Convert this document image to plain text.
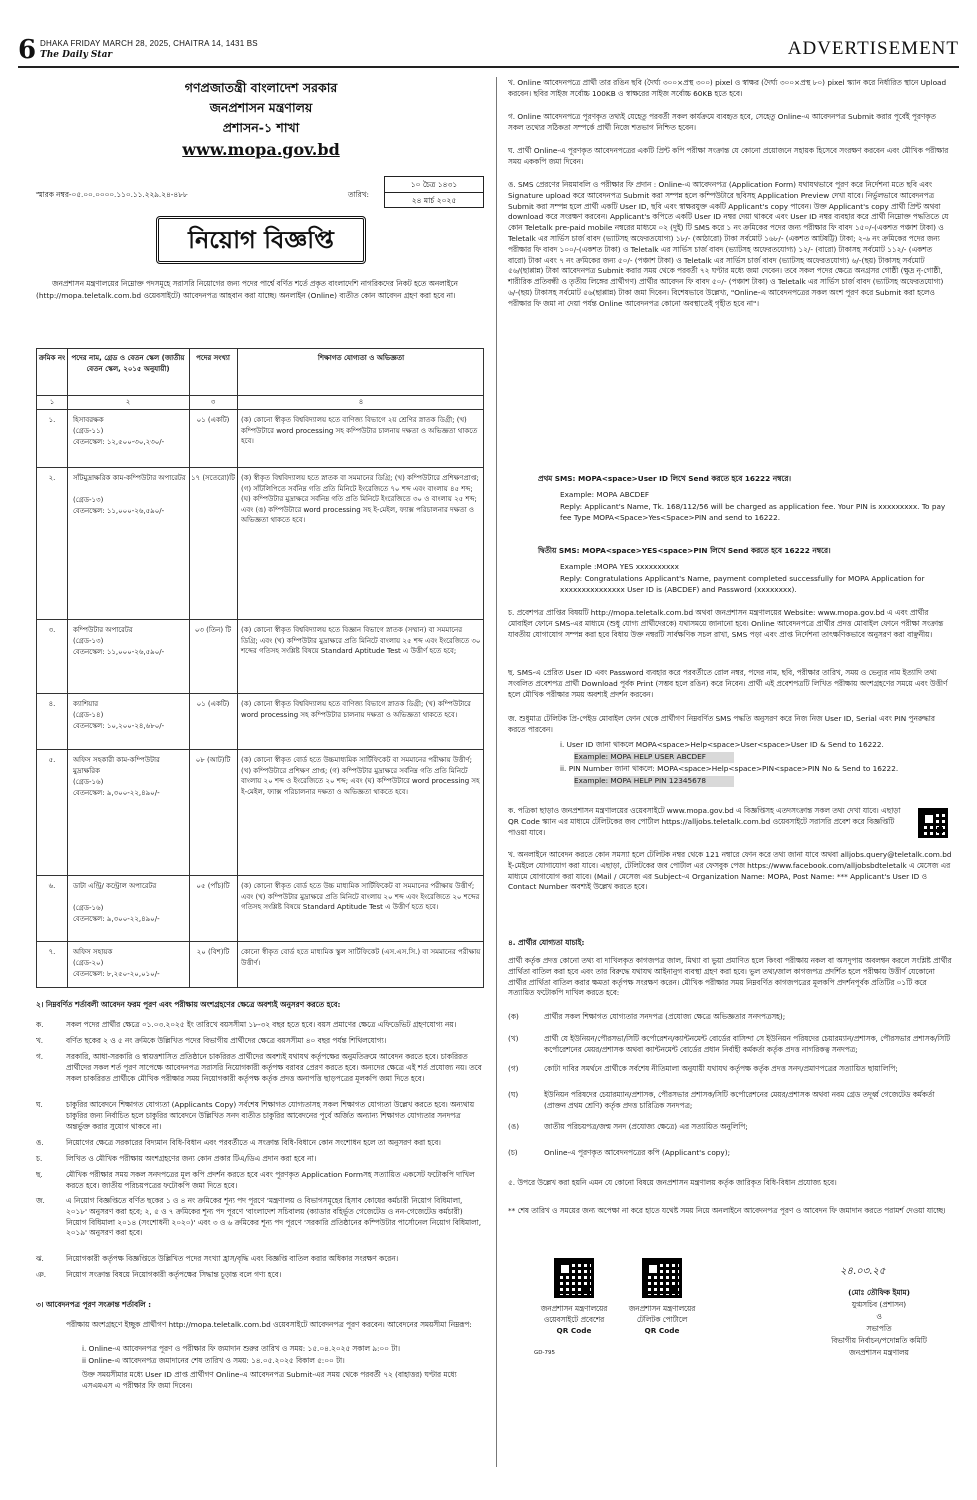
6 DHAKA FRIDAY MARCH 28, 2025, CHAITRA 14, 1431 BS
The Daily Star	ADVERTISEMENT
গণপ্রজাতন্ত্রী বাংলাদেশ সরকার
জনপ্রশাসন মন্ত্রণালয়
প্রশাসন-১ শাখা
www.mopa.gov.bd
স্মারক নম্বর-০৫.০০.০০০০.১১০.১১.২২৯.২৪-৪৮৮	তারিখ:
১০ চৈত্র ১৪৩১
২৪ মার্চ ২০২৫
নিয়োগ বিজ্ঞপ্তি
জনপ্রশাসন মন্ত্রণালয়ের নিম্নোক্ত পদসমূহে সরাসরি নিয়োগের জন্য পদের পার্শ্বে বর্ণিত শর্তে প্রকৃত বাংলাদেশি নাগরিকদের নিকট হতে অনলাইনে (http://mopa.teletalk.com.bd ওয়েবসাইটে) আবেদনপত্র আহবান করা যাচ্ছে। অনলাইন (Online) ব্যতীত কোন আবেদন গ্রহণ করা হবে না।
ক্রমিক নং পদের নাম, গ্রেড ও বেতন স্কেল (জাতীয় বেতন স্কেল, ২০১৫ অনুযায়ী)
পদের সংখ্যা	শিক্ষাগত যোগ্যতা ও অভিজ্ঞতা
১	২	৩	৪
১.	হিসাবরক্ষক
(গ্রেড-১১)
বেতনস্কেল: ১২,৫০০-৩০,২৩০/-
০১ (একটি)	(ক) কোনো স্বীকৃত বিশ্ববিদ্যালয় হতে বাণিজ্য বিভাগে ২য় শ্রেণির স্নাতক ডিগ্রী; (খ) কম্পিউটারে word processing সহ কম্পিউটার চালনায় দক্ষতা ও অভিজ্ঞতা থাকতে হবে।
২.	সাঁটমুদ্রাক্ষরিক কাম-কম্পিউটার অপারেটর
(গ্রেড-১৩)
বেতনস্কেল: ১১,০০০-২৬,৫৯০/-
১৭ (সতেরো)টি (ক) স্বীকৃত বিশ্ববিদ্যালয় হতে স্নাতক বা সমমানের ডিগ্রি; (খ) কম্পিউটারে প্রশিক্ষণপ্রাপ্ত; (গ) সাঁটলিপিতে সর্বনিম্ন গতি প্রতি মিনিটে ইংরেজিতে ৭০ শব্দ এবং বাংলায় ৪৫ শব্দ; (ঘ) কম্পিউটার মুদ্রাক্ষরে সর্বনিম্ন গতি প্রতি মিনিটে ইংরেজিতে ৩০ ও বাংলায় ২৫ শব্দ; এবং (ঙ) কম্পিউটারে word processing সহ ই-মেইল, ফ্যাক্স পরিচালনার দক্ষতা ও অভিজ্ঞতা থাকতে হবে।
৩.	কম্পিউটার অপারেটর
(গ্রেড-১৩)
বেতনস্কেল: ১১,০০০-২৬,৫৯০/-
০৩ (তিন) টি	(ক) কোনো স্বীকৃত বিশ্ববিদ্যালয় হতে বিজ্ঞান বিভাগে স্নাতক (সম্মান) বা সমমানের ডিগ্রি; এবং (খ) কম্পিউটার মুদ্রাক্ষরে প্রতি মিনিটে বাংলায় ২৫ শব্দ এবং ইংরেজিতে ৩০ শব্দের গতিসহ সংশ্লিষ্ট বিষয়ে Standard Aptitude Test এ উত্তীর্ণ হতে হবে;
৪.	ক্যাশিয়ার
(গ্রেড-১৪)
বেতনস্কেল: ১০,২০০-২৪,৬৮০/-
০১ (একটি)	(ক) কোনো স্বীকৃত বিশ্ববিদ্যালয় হতে বাণিজ্য বিভাগে স্নাতক ডিগ্রী; (খ) কম্পিউটারে word processing সহ কম্পিউটার চালনায় দক্ষতা ও অভিজ্ঞতা থাকতে হবে।
৫.	অফিস সহকারী কাম-কম্পিউটার মুদ্রাক্ষরিক
(গ্রেড-১৬)
বেতনস্কেল: ৯,৩০০-২২,৪৯০/-
০৮ (আট)টি	(ক) কোনো স্বীকৃত বোর্ড হতে উচ্চমাধ্যমিক সার্টিফিকেট বা সমমানের পরীক্ষায় উত্তীর্ণ; (খ) কম্পিউটারে প্রশিক্ষণ প্রাপ্ত; (গ) কম্পিউটার মুদ্রাক্ষরে সর্বনিম্ন গতি প্রতি মিনিটে বাংলায় ২০ শব্দ ও ইংরেজিতে ২০ শব্দ; এবং (ঘ) কম্পিউটারে word processing সহ ই-মেইল, ফ্যাক্স পরিচালনার দক্ষতা ও অভিজ্ঞতা থাকতে হবে।
৬.	ডাটা এন্ট্রি/ কন্ট্রোল অপারেটর
(গ্রেড-১৬)
বেতনস্কেল: ৯,৩০০-২২,৪৯০/-
০৫ (পাঁচ)টি	(ক) কোনো স্বীকৃত বোর্ড হতে উচ্চ মাধ্যমিক সার্টিফিকেট বা সমমানের পরীক্ষায় উত্তীর্ণ; এবং (খ) কম্পিউটার মুদ্রাক্ষরে প্রতি মিনিটে বাংলায় ২০ শব্দ এবং ইংরেজিতে ২০ শব্দের গতিসহ সংশ্লিষ্ট বিষয়ে Standard Aptitude Test এ উত্তীর্ণ হতে হবে।
৭.	অফিস সহায়ক
(গ্রেড-২০)
বেতনস্কেল: ৮,২৫০-২০,০১০/-
২০ (বিশ)টি	কোনো স্বীকৃত বোর্ড হতে মাধ্যমিক স্কুল সার্টিফিকেট (এস.এস.সি.) বা সমমানের পরীক্ষায় উত্তীর্ণ।
২। নিম্নবর্ণিত শর্তাবলী আবেদন ফরম পূরণ এবং পরীক্ষায় অংশগ্রহণের ক্ষেত্রে অবশ্যই অনুসরণ করতে হবে:
ক.	সকল পদের প্রার্থীর ক্ষেত্রে ০১.০৩.২০২৫ ইং তারিখে বয়সসীমা ১৮-৩২ বছর হতে হবে। বয়স প্রমাণের ক্ষেত্রে এফিডেভিট গ্রহণযোগ্য নয়।
খ.	বর্ণিত ছকের ২ ও ৫ নং ক্রমিকে উল্লিখিত পদের বিভাগীয় প্রার্থীদের ক্ষেত্রে বয়সসীমা ৪০ বছর পর্যন্ত শিথিলযোগ্য।
গ.	সরকারি, আধা-সরকারি ও স্বায়ত্তশাসিত প্রতিষ্ঠানে চাকরিরত প্রার্থীদের অবশ্যই যথাযথ কর্তৃপক্ষের অনুমতিক্রমে আবেদন করতে হবে। চাকরিরত প্রার্থীদের সকল শর্ত পূরণ সাপেক্ষে আবেদনপত্র সরাসরি নিয়োগকারী কর্তৃপক্ষ বরাবর প্রেরণ করতে হবে। অন্যদের ক্ষেত্রে এই শর্ত প্রযোজ্য নয়। তবে সকল চাকরিরত প্রার্থীকে মৌখিক পরীক্ষার সময় নিয়োগকারী কর্তৃপক্ষ কর্তৃক প্রদত্ত অনাপত্তি ছাড়পত্রের মূলকপি জমা দিতে হবে।
ঘ.	চাকুরির আবেদনে শিক্ষাগত যোগ্যতা (Applicants Copy) সর্বশেষ শিক্ষাগত যোগ্যতাসহ সকল শিক্ষাগত যোগ্যতা উল্লেখ করতে হবে। অন্যথায় চাকুরির জন্য নির্বাচিত হলে চাকুরির আবেদনে উল্লিখিত সনদ ব্যতীত চাকুরির আবেদনের পূর্বে অর্জিত অন্যান্য শিক্ষাগত যোগ্যতার সনদপত্র অন্তর্ভুক্ত করার সুযোগ থাকবে না।
ঙ.	নিয়োগের ক্ষেত্রে সরকারের বিদ্যমান বিধি-বিধান এবং পরবর্তীতে এ সংক্রান্ত বিধি-বিধানে কোন সংশোধন হলে তা অনুসরণ করা হবে।
চ.	লিখিত ও মৌখিক পরীক্ষায় অংশগ্রহণের জন্য কোন প্রকার টিএ/ডিএ প্রদান করা হবে না।
ছ.	মৌখিক পরীক্ষার সময় সকল সনদপত্রের মূল কপি প্রদর্শন করতে হবে এবং পূরণকৃত Application Formসহ সত্যায়িত একসেট ফটোকপি দাখিল করতে হবে। জাতীয় পরিচয়পত্রের ফটোকপি জমা দিতে হবে।
জ.	এ নিয়োগ বিজ্ঞপ্তিতে বর্ণিত ছকের ১ ও ৪ নং ক্রমিকের শূন্য পদ পূরণে 'মন্ত্রণালয় ও বিভাগসমূহের হিসাব কোষের কর্মচারী নিয়োগ বিধিমালা, ২০১৮' অনুসরণ করা হবে; ২, ৫ ও ৭ ক্রমিকের শূন্য পদ পূরণে 'বাংলাদেশ সচিবালয় (ক্যাডার বহির্ভূত গেজেটেড ও নন-গেজেটেড কর্মচারী) নিয়োগ বিধিমালা ২০১৪ (সংশোধনী ২০২০)' এবং ৩ ও ৬ ক্রমিকের শূন্য পদ পূরণে 'সরকারি প্রতিষ্ঠানের কম্পিউটার পার্সোনেল নিয়োগ বিধিমালা, ২০১৯' অনুসরণ করা হবে।
ঝ.	নিয়োগকারী কর্তৃপক্ষ বিজ্ঞপ্তিতে উল্লিখিত পদের সংখ্যা হ্রাস/বৃদ্ধি এবং বিজ্ঞপ্তি বাতিল করার অধিকার সংরক্ষণ করেন।
ঞ.	নিয়োগ সংক্রান্ত বিষয়ে নিয়োগকারী কর্তৃপক্ষের সিদ্ধান্ত চূড়ান্ত বলে গণ্য হবে।
৩। আবেদনপত্র পূরণ সংক্রান্ত শর্তাবলি :
পরীক্ষায় অংশগ্রহণে ইচ্ছুক প্রার্থীগণ http://mopa.teletalk.com.bd ওয়েবসাইটে আবেদনপত্র পূরণ করবেন। আবেদনের সময়সীমা নিম্নরূপ:
i. Online-এ আবেদনপত্র পূরণ ও পরীক্ষার ফি জমাদান শুরুর তারিখ ও সময়: ১৫.০৪.২০২৫ সকাল ৯:০০ টা।
ii Online-এ আবেদনপত্র জমাদানের শেষ তারিখ ও সময়: ১৪.০৫.২০২৫ বিকাল ৫:০০ টা।
উক্ত সময়সীমার মধ্যে User ID প্রাপ্ত প্রার্থীগণ Online-এ আবেদনপত্র Submit-এর সময় থেকে পরবর্তী ৭২ (বাহাত্তর) ঘণ্টার মধ্যে এসএমএস এ পরীক্ষার ফি জমা দিবেন।
খ. Online আবেদনপত্রে প্রার্থী তার রঙিন ছবি (দৈর্ঘ্য ৩০০×প্রস্থ ৩০০) pixel ও স্বাক্ষর (দৈর্ঘ্য ৩০০×প্রস্থ ৮০) pixel স্ক্যান করে নির্ধারিত স্থানে Upload করবেন। ছবির সাইজ সর্বোচ্চ 100KB ও স্বাক্ষরের সাইজ সর্বোচ্চ 60KB হতে হবে।
গ. Online আবেদনপত্রে পূরণকৃত তথ্যই যেহেতু পরবর্তী সকল কার্যক্রমে ব্যবহৃত হবে, সেহেতু Online-এ আবেদনপত্র Submit করার পূর্বেই পূরণকৃত সকল তথ্যের সঠিকতা সম্পর্কে প্রার্থী নিজে শতভাগ নিশ্চিত হবেন।
ঘ. প্রার্থী Online-এ পূরণকৃত আবেদনপত্রের একটি প্রিন্ট কপি পরীক্ষা সংক্রান্ত যে কোনো প্রয়োজনে সহায়ক হিসেবে সংরক্ষণ করবেন এবং মৌখিক পরীক্ষার সময় এককপি জমা দিবেন।
ঙ. SMS প্রেরণের নিয়মাবলি ও পরীক্ষার ফি প্রদান : Online-এ আবেদনপত্র (Application Form) যথাযথভাবে পূরণ করে নির্দেশনা মতে ছবি এবং Signature upload করে আবেদনপত্র Submit করা সম্পন্ন হলে কম্পিউটারে ছবিসহ Application Preview দেখা যাবে। নির্ভুলভাবে আবেদনপত্র Submit করা সম্পন্ন হলে প্রার্থী একটি User ID, ছবি এবং স্বাক্ষরযুক্ত একটি Applicant's copy পাবেন। উক্ত Applicant's copy প্রার্থী প্রিন্ট অথবা download করে সংরক্ষণ করবেন। Applicant's কপিতে একটি User ID নম্বর দেয়া থাকবে এবং User ID নম্বর ব্যবহার করে প্রার্থী নিম্নোক্ত পদ্ধতিতে যে কোন Teletalk pre-paid mobile নম্বরের মাধ্যমে ০২ (দুই) টি SMS করে ১ নং ক্রমিকের পদের জন্য পরীক্ষার ফি বাবদ ১৫০/-(একশত পঞ্চাশ টাকা) ও Teletalk এর সার্ভিস চার্জ বাবদ (ভ্যাটসহ অফেরতযোগ্য) ১৮/- (আঠারো) টাকা সর্বমোট ১৬৮/- (একশত আটষট্টি) টাকা; ২-৬ নং ক্রমিকের পদের জন্য পরীক্ষার ফি বাবদ ১০০/-(একশত টাকা) ও Teletalk এর সার্ভিস চার্জ বাবদ (ভ্যাটসহ অফেরতযোগ্য) ১২/- (বারো) টাকাসহ সর্বমোট ১১২/- (একশত বারো) টাকা এবং ৭ নং ক্রমিকের জন্য ৫০/- (পঞ্চাশ টাকা) ও Teletalk এর সার্ভিস চার্জ বাবদ (ভ্যাটসহ অফেরতযোগ্য) ৬/-(ছয়) টাকাসহ সর্বমোট ৫৬/(ছাপ্পান্ন) টাকা আবেদনপত্র Submit করার সময় থেকে পরবর্তী ৭২ ঘণ্টার মধ্যে জমা দেবেন। তবে সকল পদের ক্ষেত্রে অনগ্রসর গোষ্ঠী (ক্ষুদ্র নৃ-গোষ্ঠী, শারীরিক প্রতিবন্ধী ও তৃতীয় লিঙ্গের প্রার্থীগণ) প্রার্থীর আবেদন ফি বাবদ ৫০/- (পঞ্চাশ টাকা) ও Teletalk এর সার্ভিস চার্জ বাবদ (ভ্যাটসহ অফেরতযোগ্য) ৬/-(ছয়) টাকাসহ সর্বমোট ৫৬(ছাপ্পান্ন) টাকা জমা দিবেন। বিশেষভাবে উল্লেখ্য, "Online-এ আবেদনপত্রের সকল অংশ পূরণ করে Submit করা হলেও পরীক্ষার ফি জমা না দেয়া পর্যন্ত Online আবেদনপত্র কোনো অবস্থাতেই গৃহীত হবে না"।
প্রথম SMS: MOPA<space>User ID লিখে Send করতে হবে 16222 নম্বরে।
Example: MOPA ABCDEF
Reply: Applicant's Name, Tk. 168/112/56 will be charged as application fee. Your PIN is xxxxxxxxx. To pay fee Type MOPA<Space>Yes<Space>PIN and send to 16222.
দ্বিতীয় SMS: MOPA<space>YES<space>PIN লিখে Send করতে হবে 16222 নম্বরে।
Example :MOPA YES xxxxxxxxxx
Reply: Congratulations Applicant's Name, payment completed successfully for MOPA Application for xxxxxxxxxxxxxxx User ID is (ABCDEF) and Password (xxxxxxxx).
চ. প্রবেশপত্র প্রাপ্তির বিষয়টি http://mopa.teletalk.com.bd অথবা জনপ্রশাসন মন্ত্রণালয়ের Website: www.mopa.gov.bd এ এবং প্রার্থীর মোবাইল ফোনে SMS-এর মাধ্যমে (শুধু যোগ্য প্রার্থীদেরকে) যথাসময়ে জানানো হবে। Online আবেদনপত্রে প্রার্থীর প্রদত্ত মোবাইল ফোনে পরীক্ষা সংক্রান্ত যাবতীয় যোগাযোগ সম্পন্ন করা হবে বিধায় উক্ত নম্বরটি সার্বক্ষণিক সচল রাখা, SMS পড়া এবং প্রাপ্ত নির্দেশনা তাৎক্ষণিকভাবে অনুসরণ করা বাঞ্ছনীয়।
ছ. SMS-এ প্রেরিত User ID এবং Password ব্যবহার করে পরবর্তীতে রোল নম্বর, পদের নাম, ছবি, পরীক্ষার তারিখ, সময় ও ভেন্যুর নাম ইত্যাদি তথ্য সংবলিত প্রবেশপত্র প্রার্থী Download পূর্বক Print (সম্ভব হলে রঙিন) করে নিবেন। প্রার্থী এই প্রবেশপত্রটি লিখিত পরীক্ষায় অংশগ্রহণের সময়ে এবং উত্তীর্ণ হলে মৌখিক পরীক্ষার সময় অবশ্যই প্রদর্শন করবেন।
জ. শুধুমাত্র টেলিটক প্রি-পেইড মোবাইল ফোন থেকে প্রার্থীগণ নিম্নবর্ণিত SMS পদ্ধতি অনুসরণ করে নিজ নিজ User ID, Serial এবং PIN পুনরুদ্ধার করতে পারবেন।
i. User ID জানা থাকলে MOPA<space>Help<space>User<space>User ID & Send to 16222.
Example: MOPA HELP USER ABCDEF
ii. PIN Number জানা থাকলে: MOPA<space>Help<space>PIN<space>PIN No & Send to 16222.
Example: MOPA HELP PIN 12345678
ক. পত্রিকা ছাড়াও জনপ্রশাসন মন্ত্রণালয়ের ওয়েবসাইটে www.mopa.gov.bd এ বিজ্ঞপ্তিসহ এতদসংক্রান্ত সকল তথ্য দেখা যাবে। এছাড়া QR Code স্ক্যান এর মাধ্যমে টেলিটকের জব পোর্টাল https://alljobs.teletalk.com.bd ওয়েবসাইটে সরাসরি প্রবেশ করে বিজ্ঞপ্তিটি পাওয়া যাবে।
খ. অনলাইনে আবেদন করতে কোন সমস্যা হলে টেলিটক নম্বর থেকে 121 নম্বারে ফোন করে তথ্য জানা যাবে অথবা alljobs.query@teletalk.com.bd ই-মেইলে যোগাযোগ করা যাবে। এছাড়া, টেলিটকের জব পোর্টাল এর ফেসবুক পেজ https://www.facebook.com/alljobsbdteletalk এ মেসেজ এর মাধ্যমে যোগাযোগ করা যাবে। (Mail / মেসেজ এর Subject-এ Organization Name: MOPA, Post Name: *** Applicant's User ID ও Contact Number অবশ্যই উল্লেখ করতে হবে।
৪. প্রার্থীর যোগ্যতা যাচাই:
প্রার্থী কর্তৃক প্রদত্ত কোনো তথ্য বা দাখিলকৃত কাগজপত্র জাল, মিথ্যা বা ভুয়া প্রমাণিত হলে কিংবা পরীক্ষায় নকল বা অসদুপায় অবলম্বন করলে সংশ্লিষ্ট প্রার্থীর প্রার্থিতা বাতিল করা হবে এবং তার বিরুদ্ধে যথাযথ আইনানুগ ব্যবস্থা গ্রহণ করা হবে। ভুল তথ্য/জাল কাগজপত্র প্রদর্শিত হলে পরীক্ষায় উত্তীর্ণ যেকোনো প্রার্থীর প্রার্থিতা বাতিল করার ক্ষমতা কর্তৃপক্ষ সংরক্ষণ করেন। মৌখিক পরীক্ষার সময় নিম্নবর্ণিত কাগজপত্রের মূলকপি প্রদর্শনপূর্বক প্রতিটির ০১টি করে সত্যায়িত ফটোকপি দাখিল করতে হবে:
(ক)	প্রার্থীর সকল শিক্ষাগত যোগ্যতার সনদপত্র (প্রযোজ্য ক্ষেত্রে অভিজ্ঞতার সনদপত্রসহ);
(খ)	প্রার্থী যে ইউনিয়ন/পৌরসভা/সিটি কর্পোরেশন/ক্যান্টনমেন্ট বোর্ডের বাসিন্দা সে ইউনিয়ন পরিষদের চেয়ারম্যান/প্রশাসক, পৌরসভার প্রশাসক/সিটি কর্পোরেশনের মেয়র/প্রশাসক অথবা ক্যান্টনমেন্ট বোর্ডের প্রধান নির্বাহী কর্মকর্তা কর্তৃক প্রদত্ত নাগরিকত্ব সনদপত্র;
(গ)	কোটা দাবির সমর্থনে প্রার্থীকে সর্বশেষ নীতিমালা অনুযায়ী যথাযথ কর্তৃপক্ষ কর্তৃক প্রদত্ত সনদ/প্রমাণপত্রের সত্যায়িত ছায়ালিপি;
(ঘ)	ইউনিয়ন পরিষদের চেয়ারম্যান/প্রশাসক, পৌরসভার প্রশাসক/সিটি কর্পোরেশনের মেয়র/প্রশাসক অথবা নবম গ্রেড তদূর্ধ্ব গেজেটেড কর্মকর্তা (প্রাক্তন প্রথম শ্রেণি) কর্তৃক প্রদত্ত চারিত্রিক সনদপত্র;
(ঙ)	জাতীয় পরিচয়পত্র/জন্ম সনদ (প্রযোজ্য ক্ষেত্রে) এর সত্যায়িত অনুলিপি;
(চ)	Online-এ পূরণকৃত আবেদনপত্রের কপি (Applicant's copy);
৫. উপরে উল্লেখ করা হয়নি এমন যে কোনো বিষয়ে জনপ্রশাসন মন্ত্রণালয় কর্তৃক জারিকৃত বিধি-বিধান প্রযোজ্য হবে।
** শেষ তারিখ ও সময়ের জন্য অপেক্ষা না করে হাতে যথেষ্ট সময় নিয়ে অনলাইনে আবেদনপত্র পূরণ ও আবেদন ফি জমাদান করতে পরামর্শ দেওয়া যাচ্ছে।
জনপ্রশাসন মন্ত্রণালয়ের
ওয়েবসাইটে প্রবেশের
QR Code
জনপ্রশাসন মন্ত্রণালয়ের
টেলিটক পোর্টালে
QR Code
২৪.০৩.২৫
(মোঃ তৌফিক ইমাম)
যুগ্মসচিব (প্রশাসন)
ও
সভাপতি
বিভাগীয় নির্বাচন/পদোন্নতি কমিটি
জনপ্রশাসন মন্ত্রণালয়
GD-795
